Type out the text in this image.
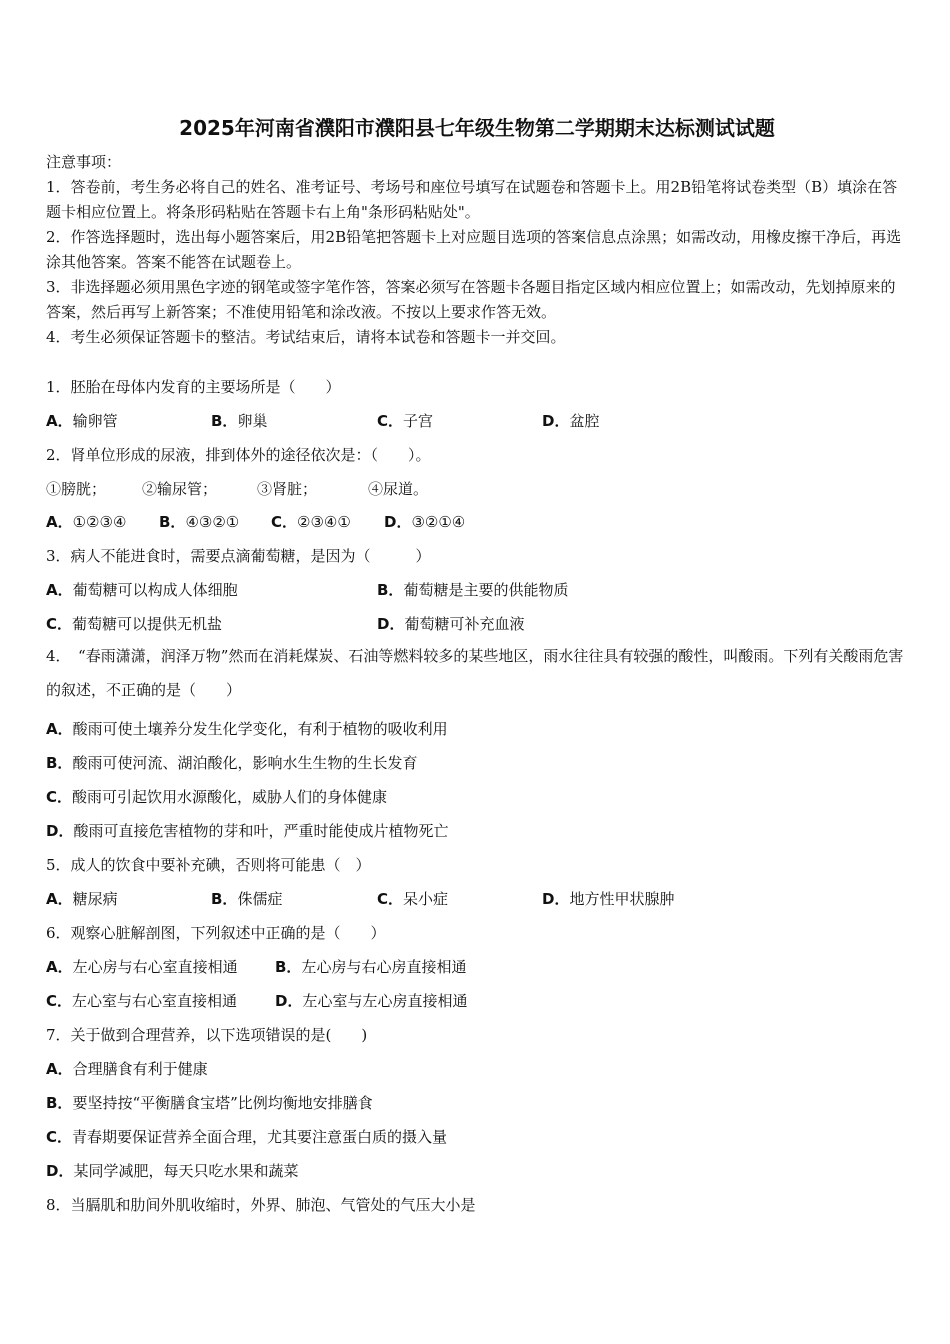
2025年河南省濮阳市濮阳县七年级生物第二学期期末达标测试试题
注意事项：
1．答卷前，考生务必将自己的姓名、准考证号、考场号和座位号填写在试题卷和答题卡上。用2B铅笔将试卷类型（B）填涂在答题卡相应位置上。将条形码粘贴在答题卡右上角"条形码粘贴处"。
2．作答选择题时，选出每小题答案后，用2B铅笔把答题卡上对应题目选项的答案信息点涂黑；如需改动，用橡皮擦干净后，再选涂其他答案。答案不能答在试题卷上。
3．非选择题必须用黑色字迹的钢笔或签字笔作答，答案必须写在答题卡各题目指定区域内相应位置上；如需改动，先划掉原来的答案，然后再写上新答案；不准使用铅笔和涂改液。不按以上要求作答无效。
4．考生必须保证答题卡的整洁。考试结束后，请将本试卷和答题卡一并交回。
1．胚胎在母体内发育的主要场所是（　　）
A．输卵管	B．卵巢	C．子宫	D．盆腔
2．肾单位形成的尿液，排到体外的途径依次是：（　　）。
①膀胱； ②输尿管；	③肾脏；	④尿道。
A．①②③④ B．④③②① C．②③④① D．③②①④
3．病人不能进食时，需要点滴葡萄糖，是因为（　　　）
A．葡萄糖可以构成人体细胞	B．葡萄糖是主要的供能物质
C．葡萄糖可以提供无机盐	D．葡萄糖可补充血液
4．　“春雨潇潇，润泽万物”然而在消耗煤炭、石油等燃料较多的某些地区，雨水往往具有较强的酸性，叫酸雨。下列有关酸雨危害的叙述，不正确的是（　　）
A．酸雨可使土壤养分发生化学变化，有利于植物的吸收利用
B．酸雨可使河流、湖泊酸化，影响水生生物的生长发育
C．酸雨可引起饮用水源酸化，威胁人们的身体健康
D．酸雨可直接危害植物的芽和叶，严重时能使成片植物死亡
5．成人的饮食中要补充碘，否则将可能患（　）
A．糖尿病	B．侏儒症	C．呆小症	D．地方性甲状腺肿
6．观察心脏解剖图，下列叙述中正确的是（　　）
A．左心房与右心室直接相通 B．左心房与右心房直接相通
C．左心室与右心室直接相通	D．左心室与左心房直接相通
7．关于做到合理营养，以下选项错误的是(　　)
A．合理膳食有利于健康
B．要坚持按“平衡膳食宝塔”比例均衡地安排膳食
C．青春期要保证营养全面合理，尤其要注意蛋白质的摄入量
D．某同学减肥，每天只吃水果和蔬菜
8．当膈肌和肋间外肌收缩时，外界、肺泡、气管处的气压大小是
